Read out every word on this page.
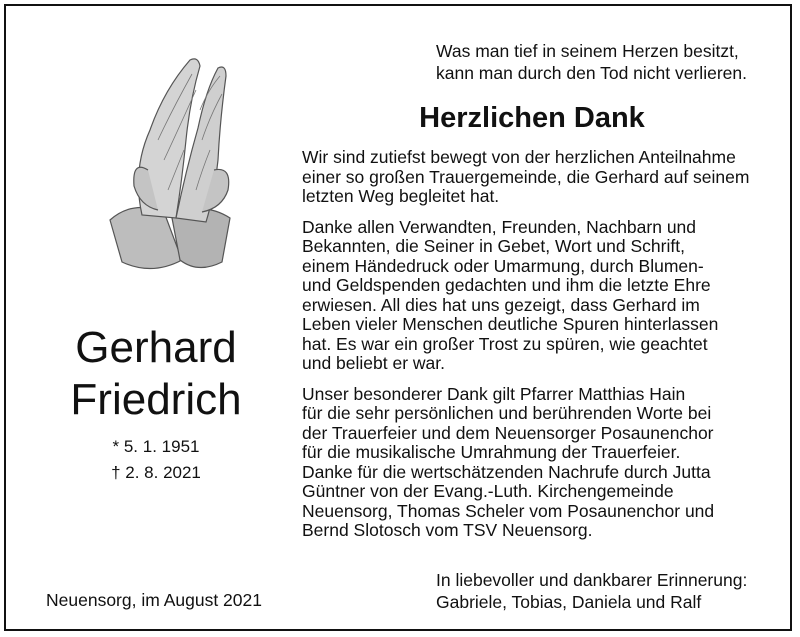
Was man tief in seinem Herzen besitzt,
kann man durch den Tod nicht verlieren.
Herzlichen Dank

Wir sind zutiefst bewegt von der herzlichen Anteilnahme
einer so großen Trauergemeinde, die Gerhard auf seinem
letzten Weg begleitet hat.

Danke allen Verwandten, Freunden, Nachbarn und
Bekannten, die Seiner in Gebet, Wort und Schrift,
einem Händedruck oder Umarmung, durch Blumen-
und Geldspenden gedachten und ihm die letzte Ehre
erwiesen. All dies hat uns gezeigt, dass Gerhard im
Leben vieler Menschen deutliche Spuren hinterlassen
hat. Es war ein großer Trost zu spüren, wie geachtet
und beliebt er war.

Unser besonderer Dank gilt Pfarrer Matthias Hain
für die sehr persönlichen und berührenden Worte bei
der Trauerfeier und dem Neuensorger Posaunenchor
für die musikalische Umrahmung der Trauerfeier.
Danke für die wertschätzenden Nachrufe durch Jutta
Güntner von der Evang.-Luth. Kirchengemeinde
Neuensorg, Thomas Scheler vom Posaunenchor und
Bernd Slotosch vom TSV Neuensorg.

Gerhard
Friedrich
* 5. 1. 1951
† 2. 8. 2021
Neuensorg, im August 2021
In liebevoller und dankbarer Erinnerung:
Gabriele, Tobias, Daniela und Ralf
